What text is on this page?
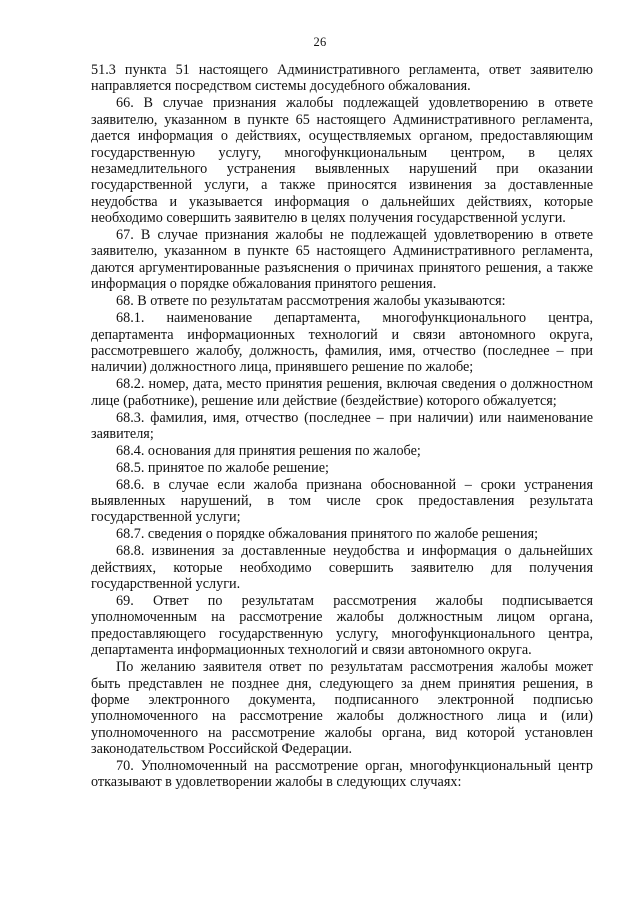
26

51.3 пункта 51 настоящего Административного регламента, ответ заявителю направляется посредством системы досудебного обжалования.

66. В случае признания жалобы подлежащей удовлетворению в ответе заявителю, указанном в пункте 65 настоящего Административного регламента, дается информация о действиях, осуществляемых органом, предоставляющим государственную услугу, многофункциональным центром, в целях незамедлительного устранения выявленных нарушений при оказании государственной услуги, а также приносятся извинения за доставленные неудобства и указывается информация о дальнейших действиях, которые необходимо совершить заявителю в целях получения государственной услуги.

67. В случае признания жалобы не подлежащей удовлетворению в ответе заявителю, указанном в пункте 65 настоящего Административного регламента, даются аргументированные разъяснения о причинах принятого решения, а также информация о порядке обжалования принятого решения.

68. В ответе по результатам рассмотрения жалобы указываются:

68.1. наименование департамента, многофункционального центра, департамента информационных технологий и связи автономного округа, рассмотревшего жалобу, должность, фамилия, имя, отчество (последнее – при наличии) должностного лица, принявшего решение по жалобе;

68.2. номер, дата, место принятия решения, включая сведения о должностном лице (работнике), решение или действие (бездействие) которого обжалуется;

68.3. фамилия, имя, отчество (последнее – при наличии) или наименование заявителя;

68.4. основания для принятия решения по жалобе;

68.5. принятое по жалобе решение;

68.6. в случае если жалоба признана обоснованной – сроки устранения выявленных нарушений, в том числе срок предоставления результата государственной услуги;

68.7. сведения о порядке обжалования принятого по жалобе решения;

68.8. извинения за доставленные неудобства и информация о дальнейших действиях, которые необходимо совершить заявителю для получения государственной услуги.

69. Ответ по результатам рассмотрения жалобы подписывается уполномоченным на рассмотрение жалобы должностным лицом органа, предоставляющего государственную услугу, многофункционального центра, департамента информационных технологий и связи автономного округа.

По желанию заявителя ответ по результатам рассмотрения жалобы может быть представлен не позднее дня, следующего за днем принятия решения, в форме электронного документа, подписанного электронной подписью уполномоченного на рассмотрение жалобы должностного лица и (или) уполномоченного на рассмотрение жалобы органа, вид которой установлен законодательством Российской Федерации.

70. Уполномоченный на рассмотрение орган, многофункциональный центр отказывают в удовлетворении жалобы в следующих случаях:
